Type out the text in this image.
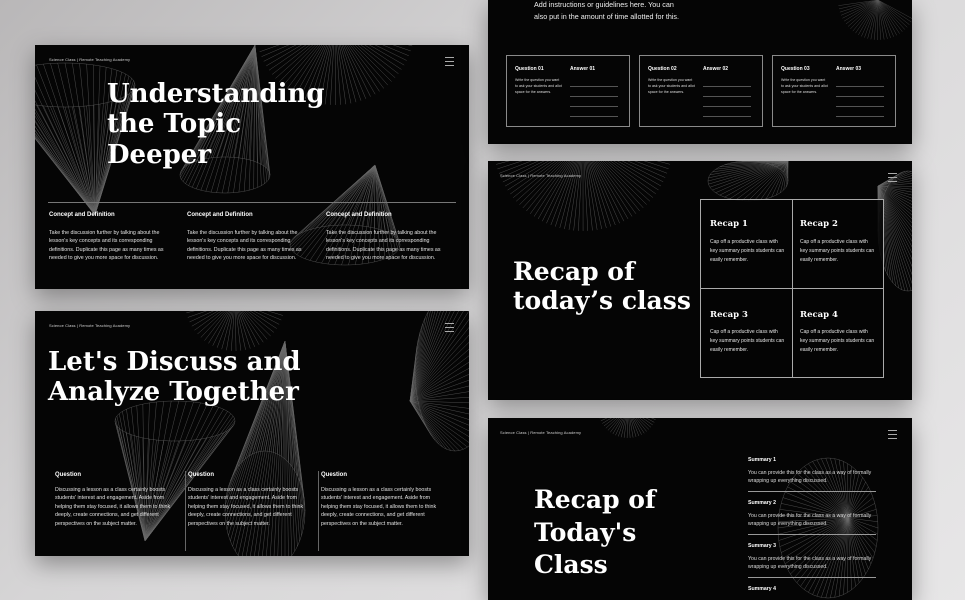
Science Class | Remote Teaching Academy
Understanding
the Topic
Deeper
Concept and Definition
Take the discussion further by talking about the lesson's key concepts and its corresponding definitions. Duplicate this page as many times as needed to give you more space for discussion.
Concept and Definition
Take the discussion further by talking about the lesson's key concepts and its corresponding definitions. Duplicate this page as many times as needed to give you more space for discussion.
Concept and Definition
Take the discussion further by talking about the lesson's key concepts and its corresponding definitions. Duplicate this page as many times as needed to give you more space for discussion.
Science Class | Remote Teaching Academy
Let's Discuss and
Analyze Together
Question
Discussing a lesson as a class certainly boosts students' interest and engagement. Aside from helping them stay focused, it allows them to think deeply, create connections, and get different perspectives on the subject matter.
Question
Discussing a lesson as a class certainly boosts students' interest and engagement. Aside from helping them stay focused, it allows them to think deeply, create connections, and get different perspectives on the subject matter.
Question
Discussing a lesson as a class certainly boosts students' interest and engagement. Aside from helping them stay focused, it allows them to think deeply, create connections, and get different perspectives on the subject matter.
Add instructions or guidelines here. You can
also put in the amount of time allotted for this.
Question 01	Answer 01
Write the question you want to ask your students and allot space for the answers.
Question 02	Answer 02
Write the question you want to ask your students and allot space for the answers.
Question 03	Answer 03
Write the question you want to ask your students and allot space for the answers.
Science Class | Remote Teaching Academy
Recap of
today’s class
Recap 1
Cap off a productive class with key summary points students can easily remember.
Recap 2
Cap off a productive class with key summary points students can easily remember.
Recap 3
Cap off a productive class with key summary points students can easily remember.
Recap 4
Cap off a productive class with key summary points students can easily remember.
Science Class | Remote Teaching Academy
Recap of
Today's
Class
Summary 1
You can provide this for the class as a way of formally wrapping up everything discussed.
Summary 2
You can provide this for the class as a way of formally wrapping up everything discussed.
Summary 3
You can provide this for the class as a way of formally wrapping up everything discussed.
Summary 4
